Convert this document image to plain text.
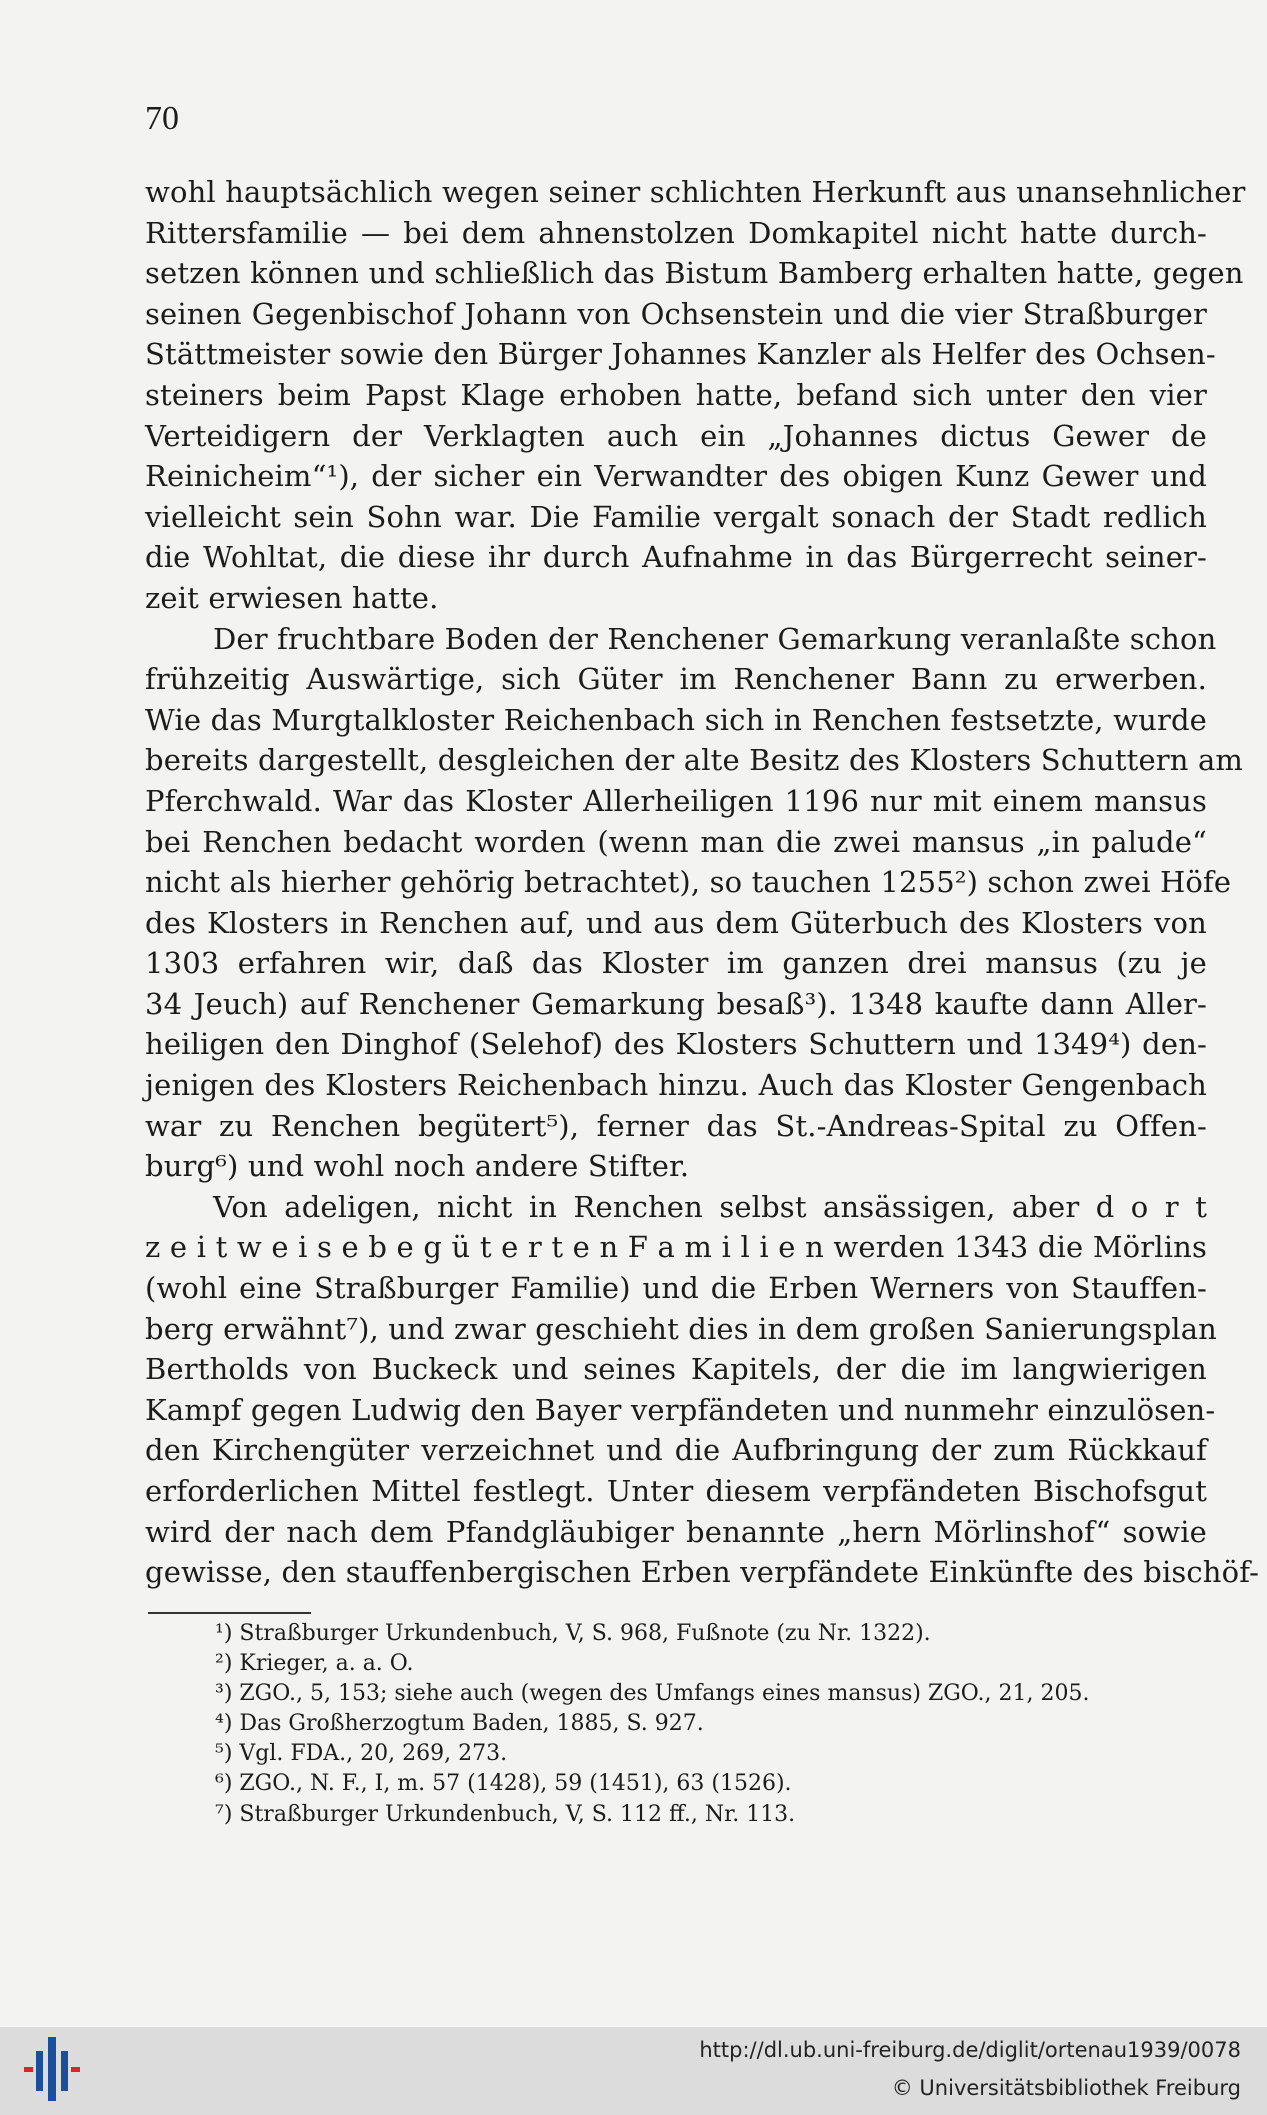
70
wohl hauptsächlich wegen seiner schlichten Herkunft aus unansehnlicher
Rittersfamilie — bei dem ahnenstolzen Domkapitel nicht hatte durch-
setzen können und schließlich das Bistum Bamberg erhalten hatte, gegen
seinen Gegenbischof Johann von Ochsenstein und die vier Straßburger
Stättmeister sowie den Bürger Johannes Kanzler als Helfer des Ochsen-
steiners beim Papst Klage erhoben hatte, befand sich unter den vier
Verteidigern der Verklagten auch ein „Johannes dictus Gewer de
Reinicheim“¹), der sicher ein Verwandter des obigen Kunz Gewer und
vielleicht sein Sohn war. Die Familie vergalt sonach der Stadt redlich
die Wohltat, die diese ihr durch Aufnahme in das Bürgerrecht seiner-
zeit erwiesen hatte.
Der fruchtbare Boden der Renchener Gemarkung veranlaßte schon
frühzeitig Auswärtige, sich Güter im Renchener Bann zu erwerben.
Wie das Murgtalkloster Reichenbach sich in Renchen festsetzte, wurde
bereits dargestellt, desgleichen der alte Besitz des Klosters Schuttern am
Pferchwald. War das Kloster Allerheiligen 1196 nur mit einem mansus
bei Renchen bedacht worden (wenn man die zwei mansus „in palude“
nicht als hierher gehörig betrachtet), so tauchen 1255²) schon zwei Höfe
des Klosters in Renchen auf, und aus dem Güterbuch des Klosters von
1303 erfahren wir, daß das Kloster im ganzen drei mansus (zu je
34 Jeuch) auf Renchener Gemarkung besaß³). 1348 kaufte dann Aller-
heiligen den Dinghof (Selehof) des Klosters Schuttern und 1349⁴) den-
jenigen des Klosters Reichenbach hinzu. Auch das Kloster Gengenbach
war zu Renchen begütert⁵), ferner das St.-Andreas-Spital zu Offen-
burg⁶) und wohl noch andere Stifter.
Von adeligen, nicht in Renchen selbst ansässigen, aber d o r t
z e i t w e i s e b e g ü t e r t e n F a m i l i e n werden 1343 die Mörlins
(wohl eine Straßburger Familie) und die Erben Werners von Stauffen-
berg erwähnt⁷), und zwar geschieht dies in dem großen Sanierungsplan
Bertholds von Buckeck und seines Kapitels, der die im langwierigen
Kampf gegen Ludwig den Bayer verpfändeten und nunmehr einzulösen-
den Kirchengüter verzeichnet und die Aufbringung der zum Rückkauf
erforderlichen Mittel festlegt. Unter diesem verpfändeten Bischofsgut
wird der nach dem Pfandgläubiger benannte „hern Mörlinshof“ sowie
gewisse, den stauffenbergischen Erben verpfändete Einkünfte des bischöf-
¹) Straßburger Urkundenbuch, V, S. 968, Fußnote (zu Nr. 1322).
²) Krieger, a. a. O.
³) ZGO., 5, 153; siehe auch (wegen des Umfangs eines mansus) ZGO., 21, 205.
⁴) Das Großherzogtum Baden, 1885, S. 927.
⁵) Vgl. FDA., 20, 269, 273.
⁶) ZGO., N. F., I, m. 57 (1428), 59 (1451), 63 (1526).
⁷) Straßburger Urkundenbuch, V, S. 112 ff., Nr. 113.
http://dl.ub.uni-freiburg.de/diglit/ortenau1939/0078
© Universitätsbibliothek Freiburg
